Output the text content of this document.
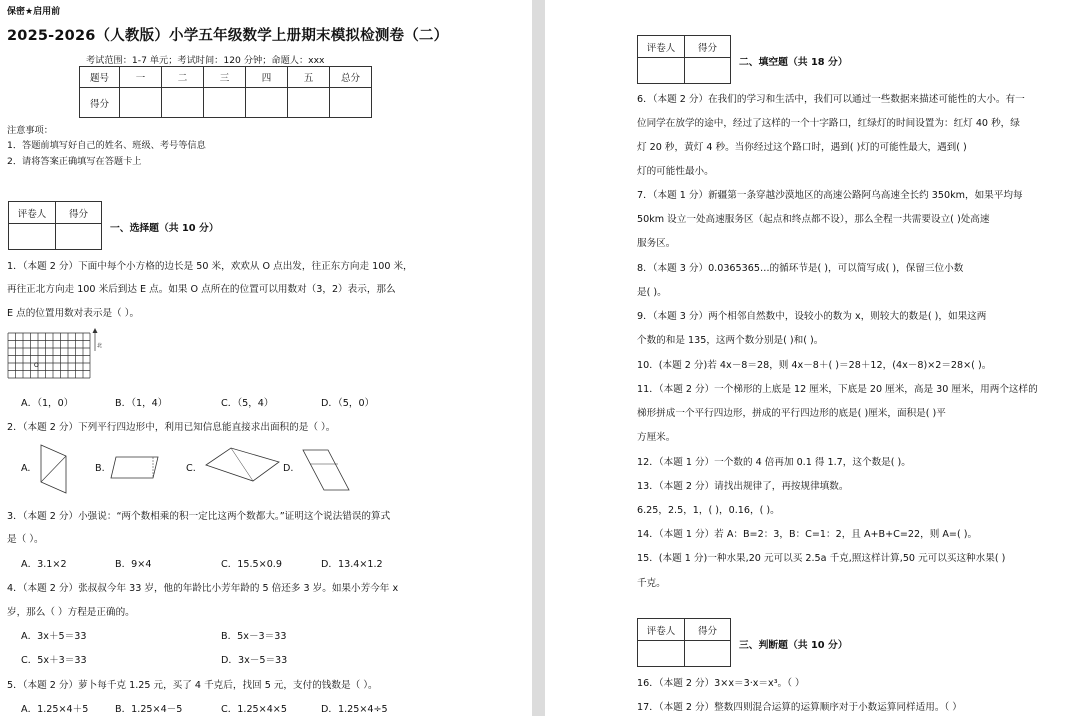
保密★启用前
2025-2026（人教版）小学五年级数学上册期末模拟检测卷（二）
考试范围：1-7 单元；考试时间：120 分钟；命题人：xxx
题号	一	二	三	四	五	总分
得分						
注意事项：
1．答题前填写好自己的姓名、班级、考号等信息
2．请将答案正确填写在答题卡上
评卷人	得分
一、选择题（共 10 分）
1．（本题 2 分）下面中每个小方格的边长是 50 米，欢欢从 O 点出发，往正东方向走 100 米，
再往正北方向走 100 米后到达 E 点。如果 O 点所在的位置可以用数对（3，2）表示，那么
E 点的位置用数对表示是（ ）。
O
北
A．（1，0）	B．（1，4）	C．（5，4）	D．（5，0）
2．（本题 2 分）下列平行四边形中，利用已知信息能直接求出面积的是（ ）。
A.	B.	C.	D.
3．（本题 2 分）小强说：“两个数相乘的积一定比这两个数都大。”证明这个说法错误的算式
是（ ）。
A．3.1×2	B．9×4	C．15.5×0.9	D．13.4×1.2
4．（本题 2 分）张叔叔今年 33 岁，他的年龄比小芳年龄的 5 倍还多 3 岁。如果小芳今年 x
岁，那么（ ）方程是正确的。
A．3x＋5＝33	B．5x－3＝33
C．5x＋3＝33	D．3x－5＝33
5．（本题 2 分）萝卜每千克 1.25 元，买了 4 千克后，找回 5 元，支付的钱数是（ ）。
A．1.25×4＋5	B．1.25×4－5	C．1.25×4×5	D．1.25×4÷5
评卷人	得分
二、填空题（共 18 分）
6．（本题 2 分）在我们的学习和生活中，我们可以通过一些数据来描述可能性的大小。有一
位同学在放学的途中，经过了这样的一个十字路口，红绿灯的时间设置为：红灯 40 秒，绿
灯 20 秒，黄灯 4 秒。当你经过这个路口时，遇到( )灯的可能性最大，遇到( )
灯的可能性最小。
7．（本题 1 分）新疆第一条穿越沙漠地区的高速公路阿乌高速全长约 350km，如果平均每
50km 设立一处高速服务区（起点和终点都不设），那么全程一共需要设立( )处高速
服务区。
8．（本题 3 分）0.0365365…的循环节是( )，可以简写成( )，保留三位小数
是( )。
9．（本题 3 分）两个相邻自然数中，设较小的数为 x，则较大的数是( )，如果这两
个数的和是 135，这两个数分别是( )和( )。
10．(本题 2 分)若 4x－8＝28，则 4x－8＋( )＝28＋12，(4x－8)×2＝28×( )。
11．（本题 2 分）一个梯形的上底是 12 厘米，下底是 20 厘米，高是 30 厘米，用两个这样的
梯形拼成一个平行四边形，拼成的平行四边形的底是( )厘米，面积是( )平
方厘米。
12．（本题 1 分）一个数的 4 倍再加 0.1 得 1.7，这个数是( )。
13．（本题 2 分）请找出规律了，再按规律填数。
6.25，2.5，1，( )，0.16，( )。
14．（本题 1 分）若 A：B=2：3，B：C=1：2，且 A+B+C=22，则 A=( )。
15．(本题 1 分)一种水果,20 元可以买 2.5a 千克,照这样计算,50 元可以买这种水果( )
千克。
评卷人	得分
三、判断题（共 10 分）
16．（本题 2 分）3×x＝3·x＝x³。（ ）
17．（本题 2 分）整数四则混合运算的运算顺序对于小数运算同样适用。（ ）
